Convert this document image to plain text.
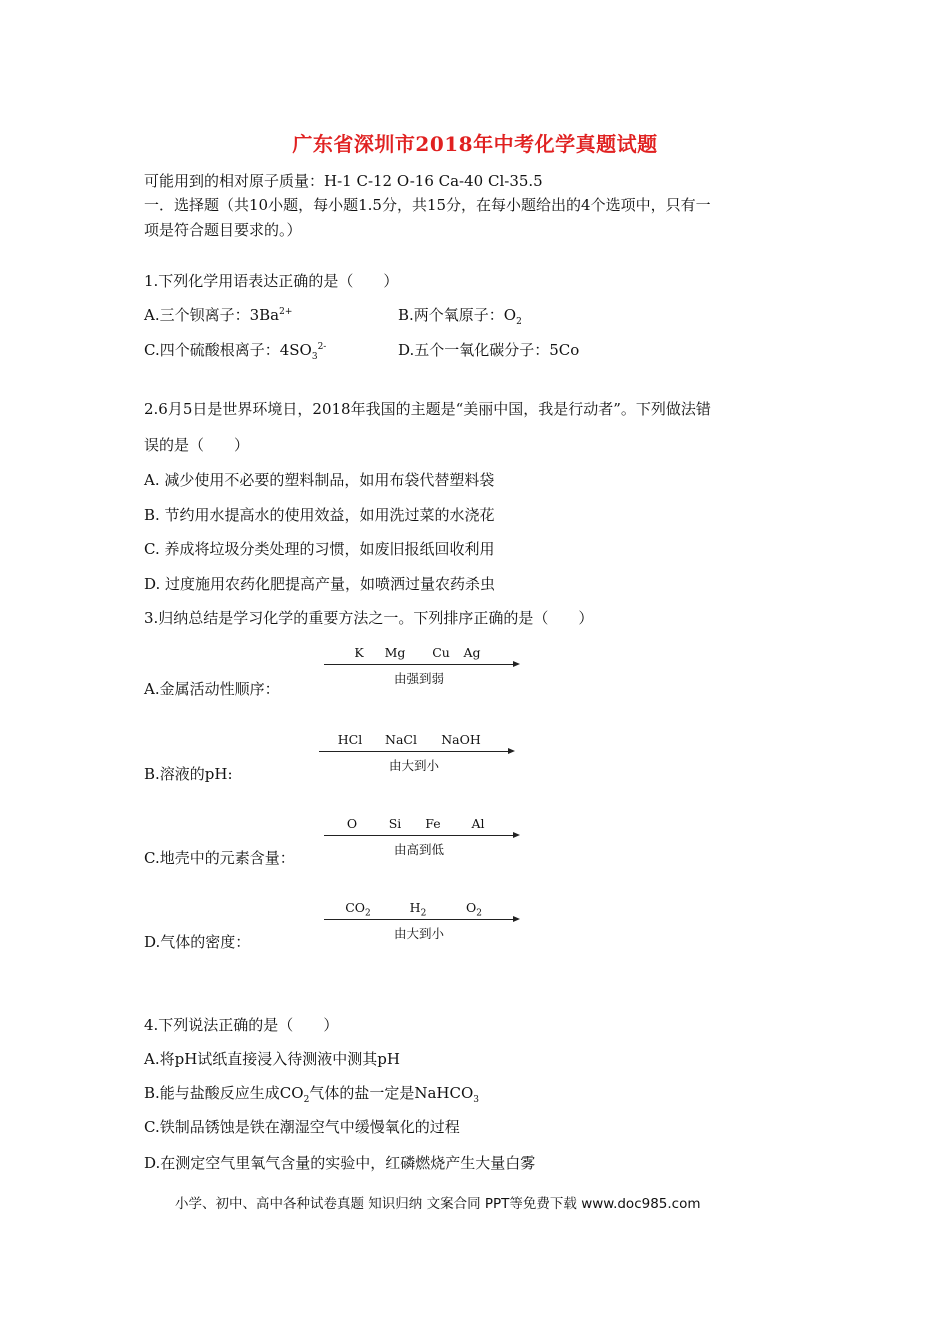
广东省深圳市2018年中考化学真题试题
可能用到的相对原子质量：H-1 C-12 O-16 Ca-40 Cl-35.5
一．选择题（共10小题，每小题1.5分，共15分，在每小题给出的4个选项中，只有一
项是符合题目要求的。）
1.下列化学用语表达正确的是（　　）
A.三个钡离子：$3Ba^{2+}$	B.两个氧原子：$O_2$
C.四个硫酸根离子：$4SO_3^{2-}$	D.五个一氧化碳分子：5Co
2.6月5日是世界环境日，2018年我国的主题是“美丽中国，我是行动者”。下列做法错
误的是（　　）
A. 减少使用不必要的塑料制品，如用布袋代替塑料袋
B. 节约用水提高水的使用效益，如用洗过菜的水浇花
C. 养成将垃圾分类处理的习惯，如废旧报纸回收利用
D. 过度施用农药化肥提高产量，如喷洒过量农药杀虫
3.归纳总结是学习化学的重要方法之一。下列排序正确的是（　　）
K Mg Cu Ag
由强到弱
A.金属活动性顺序：
HCl NaCl NaOH
由大到小
B.溶液的pH:
O	Si Fe Al
由高到低
C.地壳中的元素含量：
$CO_2$	$H_2$	$O_2$
由大到小
D.气体的密度：
4.下列说法正确的是（　　）
A.将pH试纸直接浸入待测液中测其pH
B.能与盐酸反应生成$CO_2$气体的盐一定是NaHCO$_3$
C.铁制品锈蚀是铁在潮湿空气中缓慢氧化的过程
D.在测定空气里氧气含量的实验中，红磷燃烧产生大量白雾
小学、初中、高中各种试卷真题 知识归纳 文案合同 PPT等免费下载 www.doc985.com
